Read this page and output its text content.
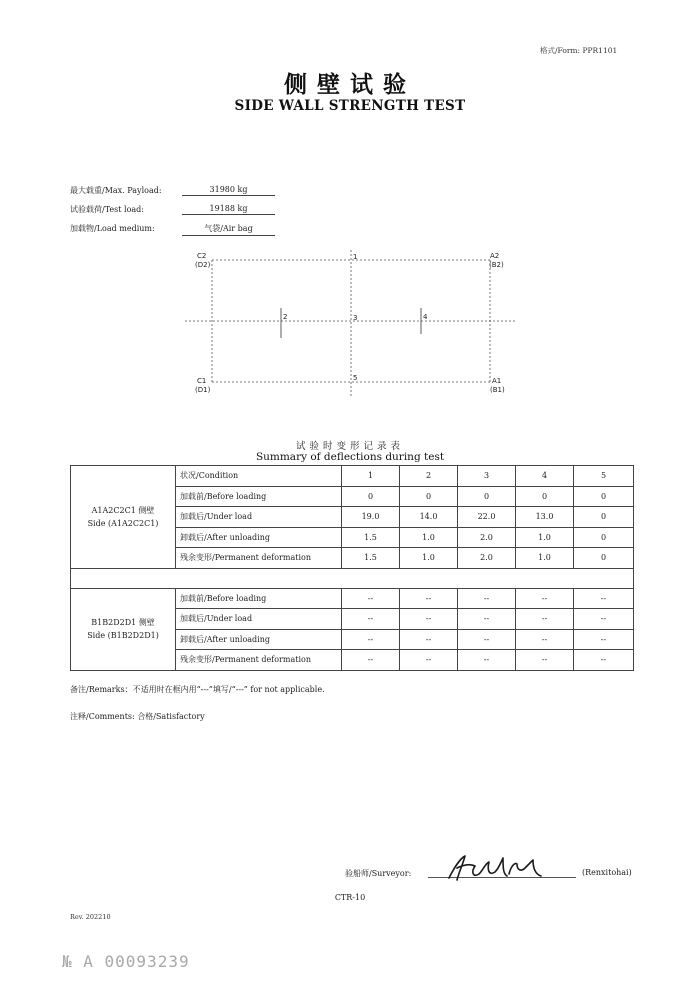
格式/Form: PPR1101
侧壁试验
SIDE WALL STRENGTH TEST
最大载重/Max. Payload:	31980 kg
试验载荷/Test load:	19188 kg
加载物/Load medium:	气袋/Air bag
C2
(D2)
A2
(B2)
C1
(D1)
A1
(B1)
1
2	3	4
5
试验时变形记录表
Summary of deflections during test
A1A2C2C1 侧壁
Side (A1A2C2C1)	状况/Condition	1	2	3	4	5
	加载前/Before loading	0	0	0	0	0
	加载后/Under load	19.0	14.0	22.0	13.0	0
	卸载后/After unloading	1.5	1.0	2.0	1.0	0
	残余变形/Permanent deformation	1.5	1.0	2.0	1.0	0

B1B2D2D1 侧壁
Side (B1B2D2D1)	加载前/Before loading	--	--	--	--	--
	加载后/Under load	--	--	--	--	--
	卸载后/After unloading	--	--	--	--	--
	残余变形/Permanent deformation	--	--	--	--	--
备注/Remarks：不适用时在框内用“---”填写/“---” for not applicable.
注释/Comments: 合格/Satisfactory
验船师/Surveyor:	(Renxitohai)
CTR-10
Rev. 202210
№ A 00093239
